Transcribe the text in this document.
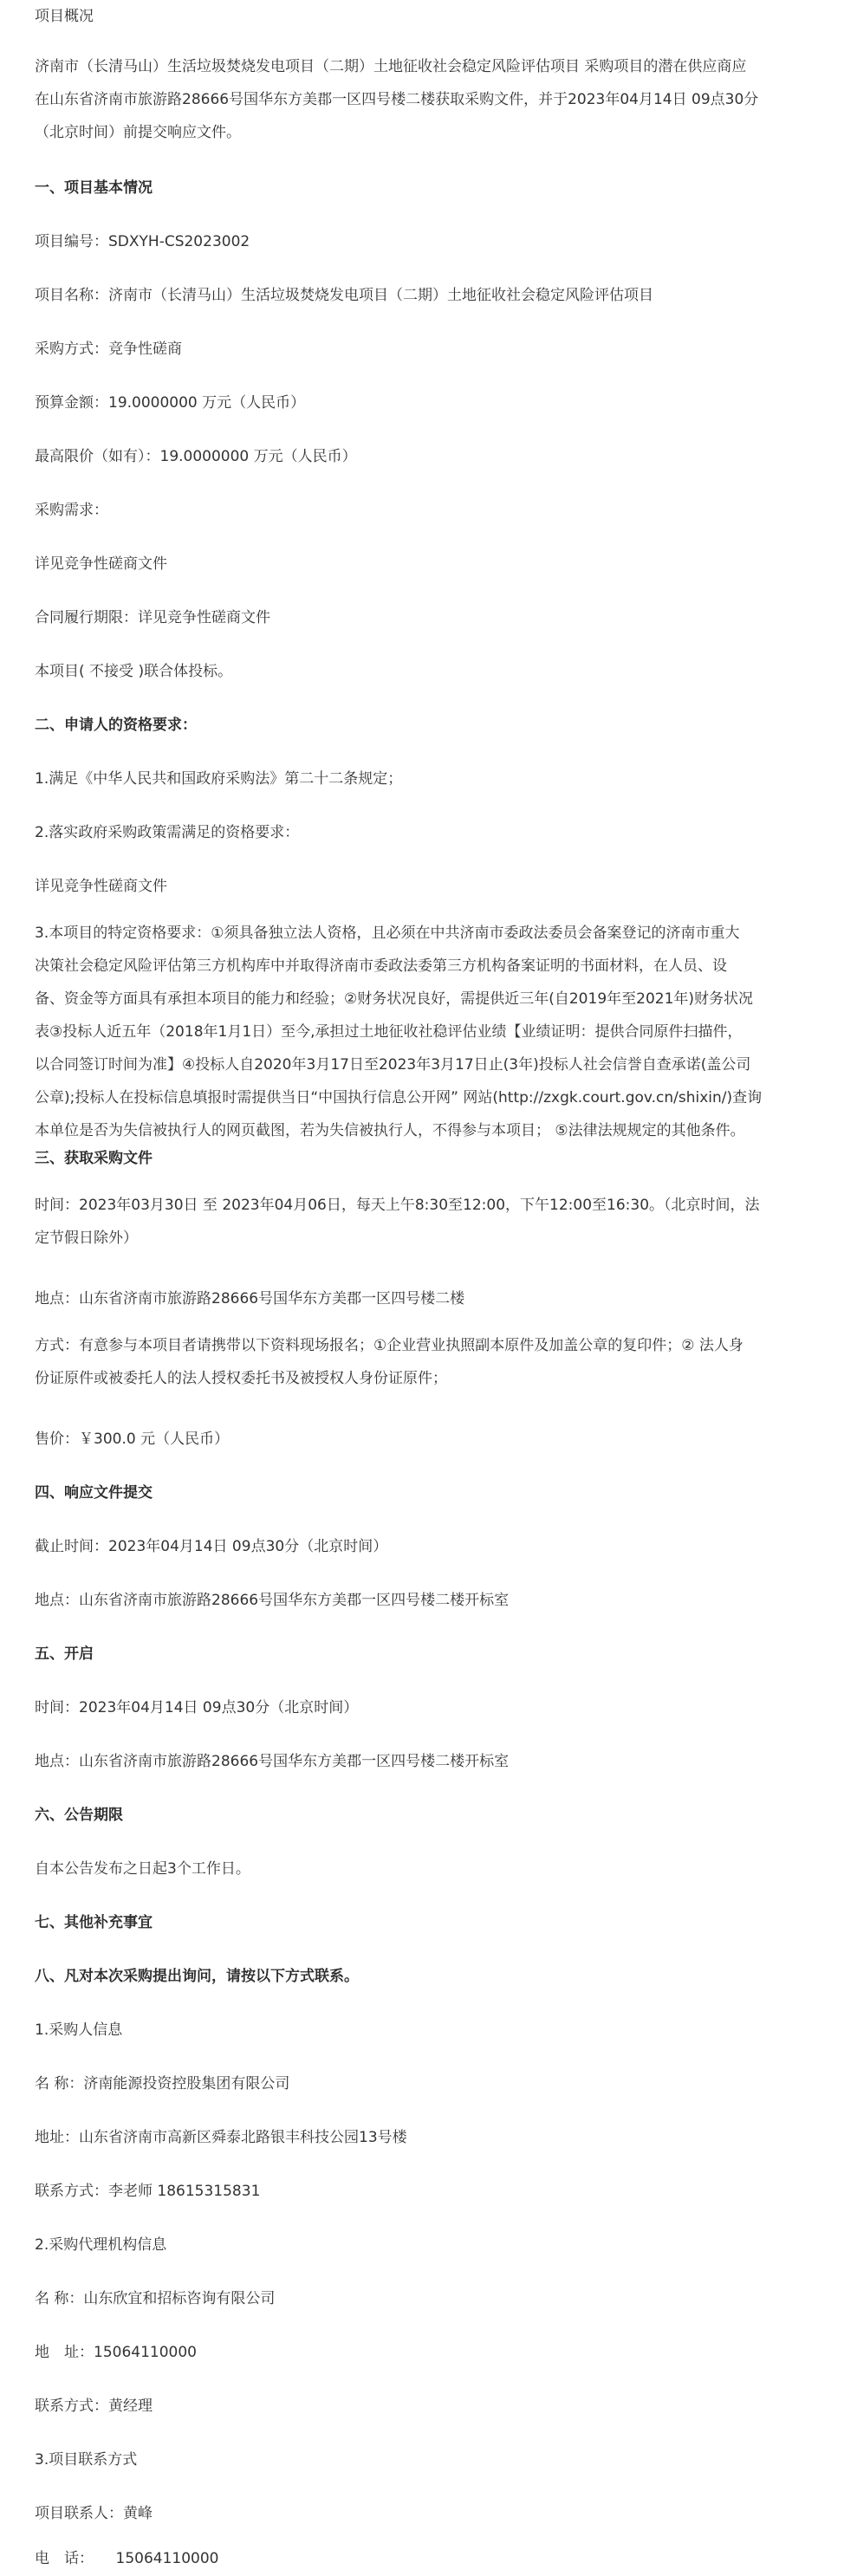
项目概况
济南市（长清马山）生活垃圾焚烧发电项目（二期）土地征收社会稳定风险评估项目 采购项目的潜在供应商应
在山东省济南市旅游路28666号国华东方美郡一区四号楼二楼获取采购文件，并于2023年04月14日 09点30分
（北京时间）前提交响应文件。
一、项目基本情况
项目编号：SDXYH-CS2023002
项目名称：济南市（长清马山）生活垃圾焚烧发电项目（二期）土地征收社会稳定风险评估项目
采购方式：竞争性磋商
预算金额：19.0000000 万元（人民币）
最高限价（如有）：19.0000000 万元（人民币）
采购需求：
详见竞争性磋商文件
合同履行期限：详见竞争性磋商文件
本项目( 不接受 )联合体投标。
二、申请人的资格要求：
1.满足《中华人民共和国政府采购法》第二十二条规定；
2.落实政府采购政策需满足的资格要求：
详见竞争性磋商文件
3.本项目的特定资格要求：①须具备独立法人资格，且必须在中共济南市委政法委员会备案登记的济南市重大
决策社会稳定风险评估第三方机构库中并取得济南市委政法委第三方机构备案证明的书面材料，在人员、设
备、资金等方面具有承担本项目的能力和经验；②财务状况良好，需提供近三年(自2019年至2021年)财务状况
表③投标人近五年（2018年1月1日）至今,承担过土地征收社稳评估业绩【业绩证明：提供合同原件扫描件，
以合同签订时间为准】④投标人自2020年3月17日至2023年3月17日止(3年)投标人社会信誉自查承诺(盖公司
公章);投标人在投标信息填报时需提供当日“中国执行信息公开网” 网站(http://zxgk.court.gov.cn/shixin/)查询
本单位是否为失信被执行人的网页截图，若为失信被执行人，不得参与本项目； ⑤法律法规规定的其他条件。
三、获取采购文件
时间：2023年03月30日 至 2023年04月06日，每天上午8:30至12:00，下午12:00至16:30。（北京时间，法
定节假日除外）
地点：山东省济南市旅游路28666号国华东方美郡一区四号楼二楼
方式：有意参与本项目者请携带以下资料现场报名；①企业营业执照副本原件及加盖公章的复印件；② 法人身
份证原件或被委托人的法人授权委托书及被授权人身份证原件；
售价：￥300.0 元（人民币）
四、响应文件提交
截止时间：2023年04月14日 09点30分（北京时间）
地点：山东省济南市旅游路28666号国华东方美郡一区四号楼二楼开标室
五、开启
时间：2023年04月14日 09点30分（北京时间）
地点：山东省济南市旅游路28666号国华东方美郡一区四号楼二楼开标室
六、公告期限
自本公告发布之日起3个工作日。
七、其他补充事宜
八、凡对本次采购提出询问，请按以下方式联系。
1.采购人信息
名 称：济南能源投资控股集团有限公司
地址：山东省济南市高新区舜泰北路银丰科技公园13号楼
联系方式：李老师 18615315831
2.采购代理机构信息
名 称：山东欣宜和招标咨询有限公司
地　址：15064110000
联系方式：黄经理
3.项目联系方式
项目联系人：黄峰
电　话：　　15064110000
